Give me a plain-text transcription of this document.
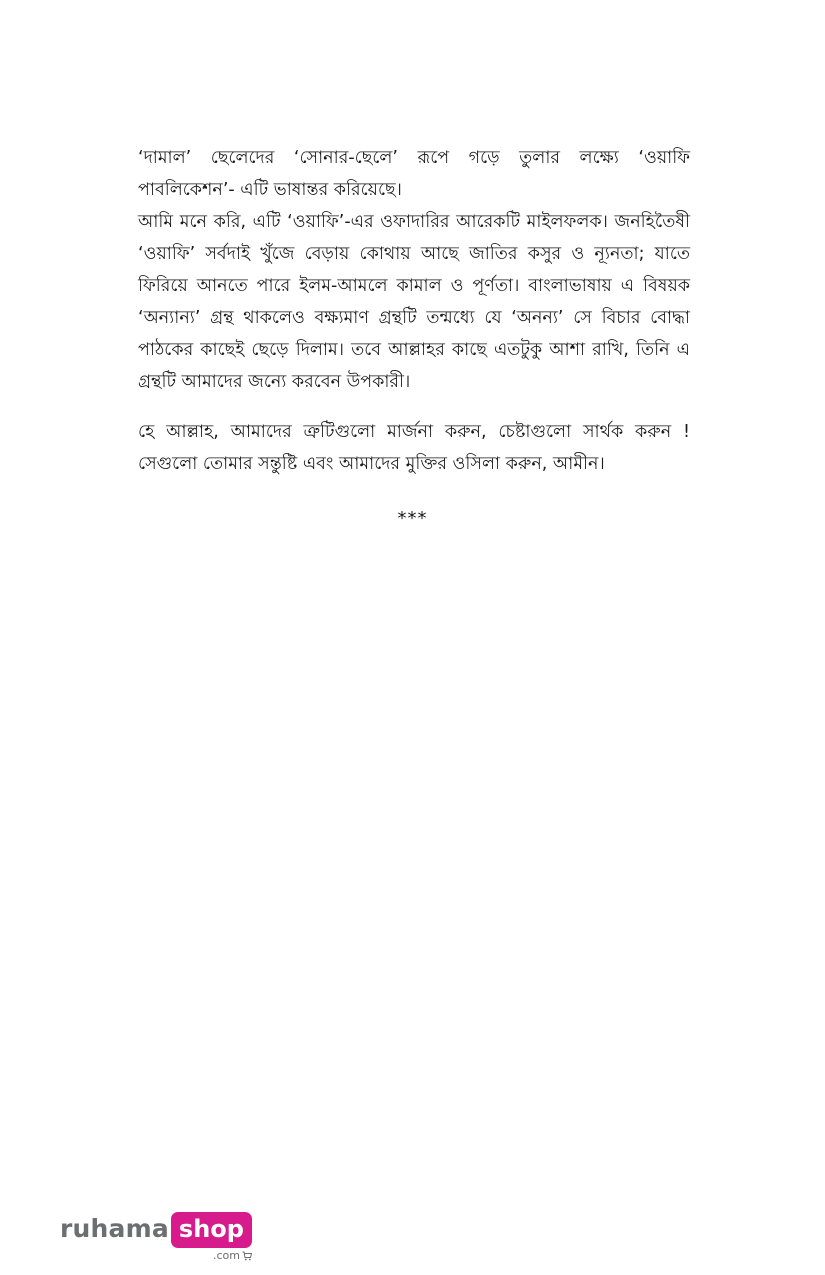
‘দামাল’ ছেলেদের ‘সোনার-ছেলে’ রূপে গড়ে তুলার লক্ষ্যে ‘ওয়াফি পাবলিকেশন’- এটি ভাষান্তর করিয়েছে।

আমি মনে করি, এটি ‘ওয়াফি’-এর ওফাদারির আরেকটি মাইলফলক। জনহিতৈষী ‘ওয়াফি’ সর্বদাই খুঁজে বেড়ায় কোথায় আছে জাতির কসুর ও ন্যূনতা; যাতে ফিরিয়ে আনতে পারে ইলম-আমলে কামাল ও পূর্ণতা। বাংলাভাষায় এ বিষয়ক ‘অন্যান্য’ গ্রন্থ থাকলেও বক্ষ্যমাণ গ্রন্থটি তন্মধ্যে যে ‘অনন্য’ সে বিচার বোদ্ধা পাঠকের কাছেই ছেড়ে দিলাম। তবে আল্লাহর কাছে এতটুকু আশা রাখি, তিনি এ গ্রন্থটি আমাদের জন্যে করবেন উপকারী।

হে আল্লাহ, আমাদের ত্রুটিগুলো মার্জনা করুন, চেষ্টাগুলো সার্থক করুন ! সেগুলো তোমার সন্তুষ্টি এবং আমাদের মুক্তির ওসিলা করুন, আমীন।

***
ruhama shop
.com
